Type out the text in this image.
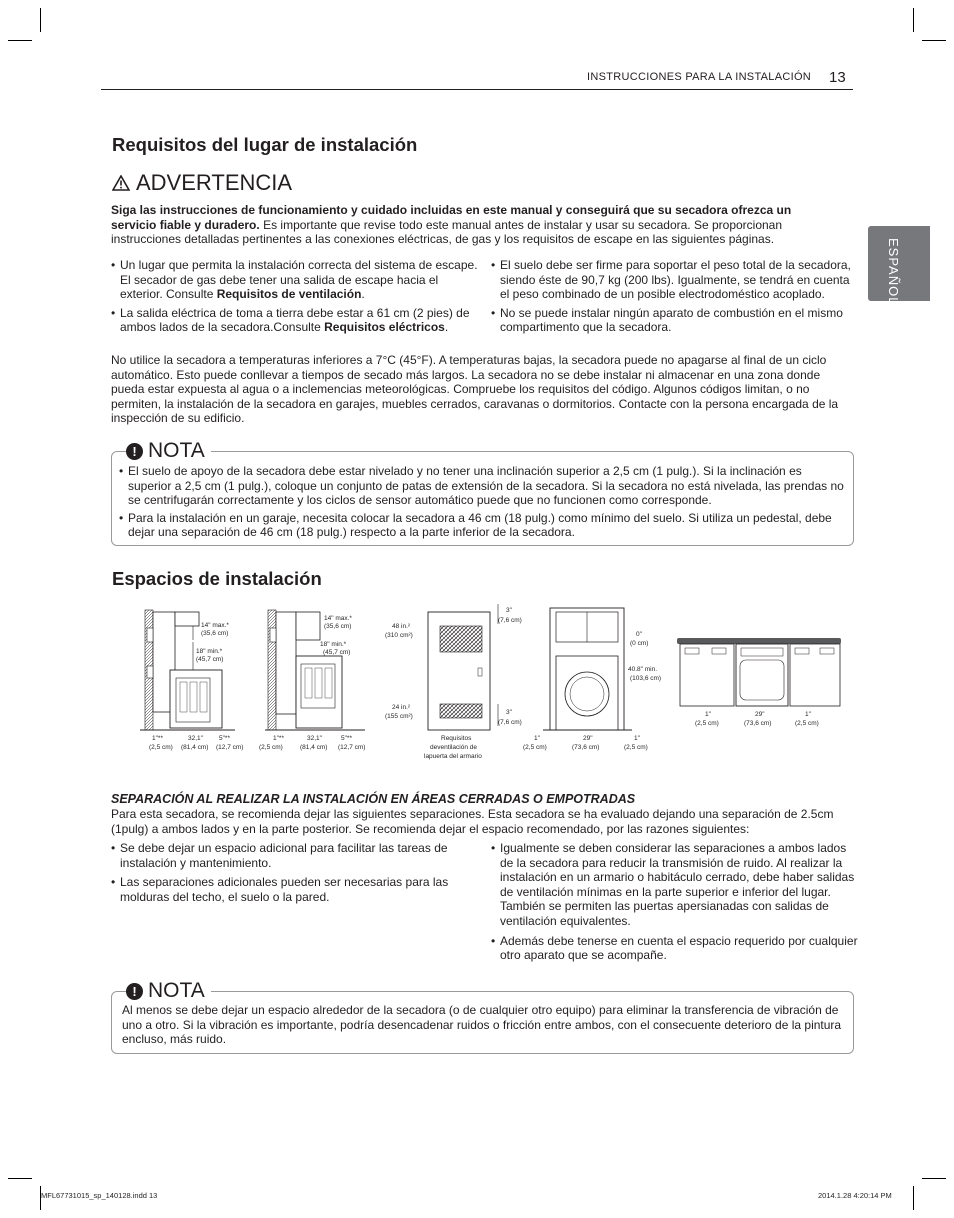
INSTRUCCIONES PARA LA INSTALACIÓN 13
ESPAÑOL
Requisitos del lugar de instalación
ADVERTENCIA
Siga las instrucciones de funcionamiento y cuidado incluidas en este manual y conseguirá que su secadora ofrezca un servicio fiable y duradero. Es importante que revise todo este manual antes de instalar y usar su secadora. Se proporcionan instrucciones detalladas pertinentes a las conexiones eléctricas, de gas y los requisitos de escape en las siguientes páginas.
• Un lugar que permita la instalación correcta del sistema de escape. El secador de gas debe tener una salida de escape hacia el exterior. Consulte Requisitos de ventilación.
• La salida eléctrica de toma a tierra debe estar a 61 cm (2 pies) de ambos lados de la secadora.Consulte Requisitos eléctricos.
• El suelo debe ser firme para soportar el peso total de la secadora, siendo éste de 90,7 kg (200 lbs). Igualmente, se tendrá en cuenta el peso combinado de un posible electrodoméstico acoplado.
• No se puede instalar ningún aparato de combustión en el mismo compartimento que la secadora.
No utilice la secadora a temperaturas inferiores a 7°C (45°F). A temperaturas bajas, la secadora puede no apagarse al final de un ciclo automático. Esto puede conllevar a tiempos de secado más largos. La secadora no se debe instalar ni almacenar en una zona donde pueda estar expuesta al agua o a inclemencias meteorológicas. Compruebe los requisitos del código. Algunos códigos limitan, o no permiten, la instalación de la secadora en garajes, muebles cerrados, caravanas o dormitorios. Contacte con la persona encargada de la inspección de su edificio.
! NOTA
• El suelo de apoyo de la secadora debe estar nivelado y no tener una inclinación superior a 2,5 cm (1 pulg.). Si la inclinación es superior a 2,5 cm (1 pulg.), coloque un conjunto de patas de extensión de la secadora. Si la secadora no está nivelada, las prendas no se centrifugarán correctamente y los ciclos de sensor automático puede que no funcionen como corresponde.
• Para la instalación en un garaje, necesita colocar la secadora a 46 cm (18 pulg.) como mínimo del suelo. Si utiliza un pedestal, debe dejar una separación de 46 cm (18 pulg.) respecto a la parte inferior de la secadora.
Espacios de instalación
14" max.*
(35,6 cm)
18" min.*
(45,7 cm)
1"**
(2,5 cm)
32,1"
(81,4 cm)
5"**
(12,7 cm)
14" max.*
(35,6 cm)
18" min.*
(45,7 cm)
1"**
(2,5 cm)
32,1"
(81,4 cm)
5"**
(12,7 cm)
48 in.²
(310 cm²)
24 in.²
(155 cm²)
3"
(7,6 cm)
3"
(7,6 cm)
Requisitos
deventilación de
lapuerta del armario
0"
(0 cm)
40.8" min.
(103,6 cm)
1"
(2,5 cm)
29"
(73,6 cm)
1"
(2,5 cm)
1"
(2,5 cm)
29"
(73,6 cm)
1"
(2,5 cm)
SEPARACIÓN AL REALIZAR LA INSTALACIÓN EN ÁREAS CERRADAS O EMPOTRADAS
Para esta secadora, se recomienda dejar las siguientes separaciones. Esta secadora se ha evaluado dejando una separación de 2.5cm (1pulg) a ambos lados y en la parte posterior. Se recomienda dejar el espacio recomendado, por las razones siguientes:
• Se debe dejar un espacio adicional para facilitar las tareas de instalación y mantenimiento.
• Las separaciones adicionales pueden ser necesarias para las molduras del techo, el suelo o la pared.
• Igualmente se deben considerar las separaciones a ambos lados de la secadora para reducir la transmisión de ruido. Al realizar la instalación en un armario o habitáculo cerrado, debe haber salidas de ventilación mínimas en la parte superior e inferior del lugar. También se permiten las puertas apersianadas con salidas de ventilación equivalentes.
• Además debe tenerse en cuenta el espacio requerido por cualquier otro aparato que se acompañe.
! NOTA
Al menos se debe dejar un espacio alrededor de la secadora (o de cualquier otro equipo) para eliminar la transferencia de vibración de uno a otro. Si la vibración es importante, podría desencadenar ruidos o fricción entre ambos, con el consecuente deterioro de la pintura encluso, más ruido.
MFL67731015_sp_140128.indd 13	2014.1.28 4:20:14 PM
